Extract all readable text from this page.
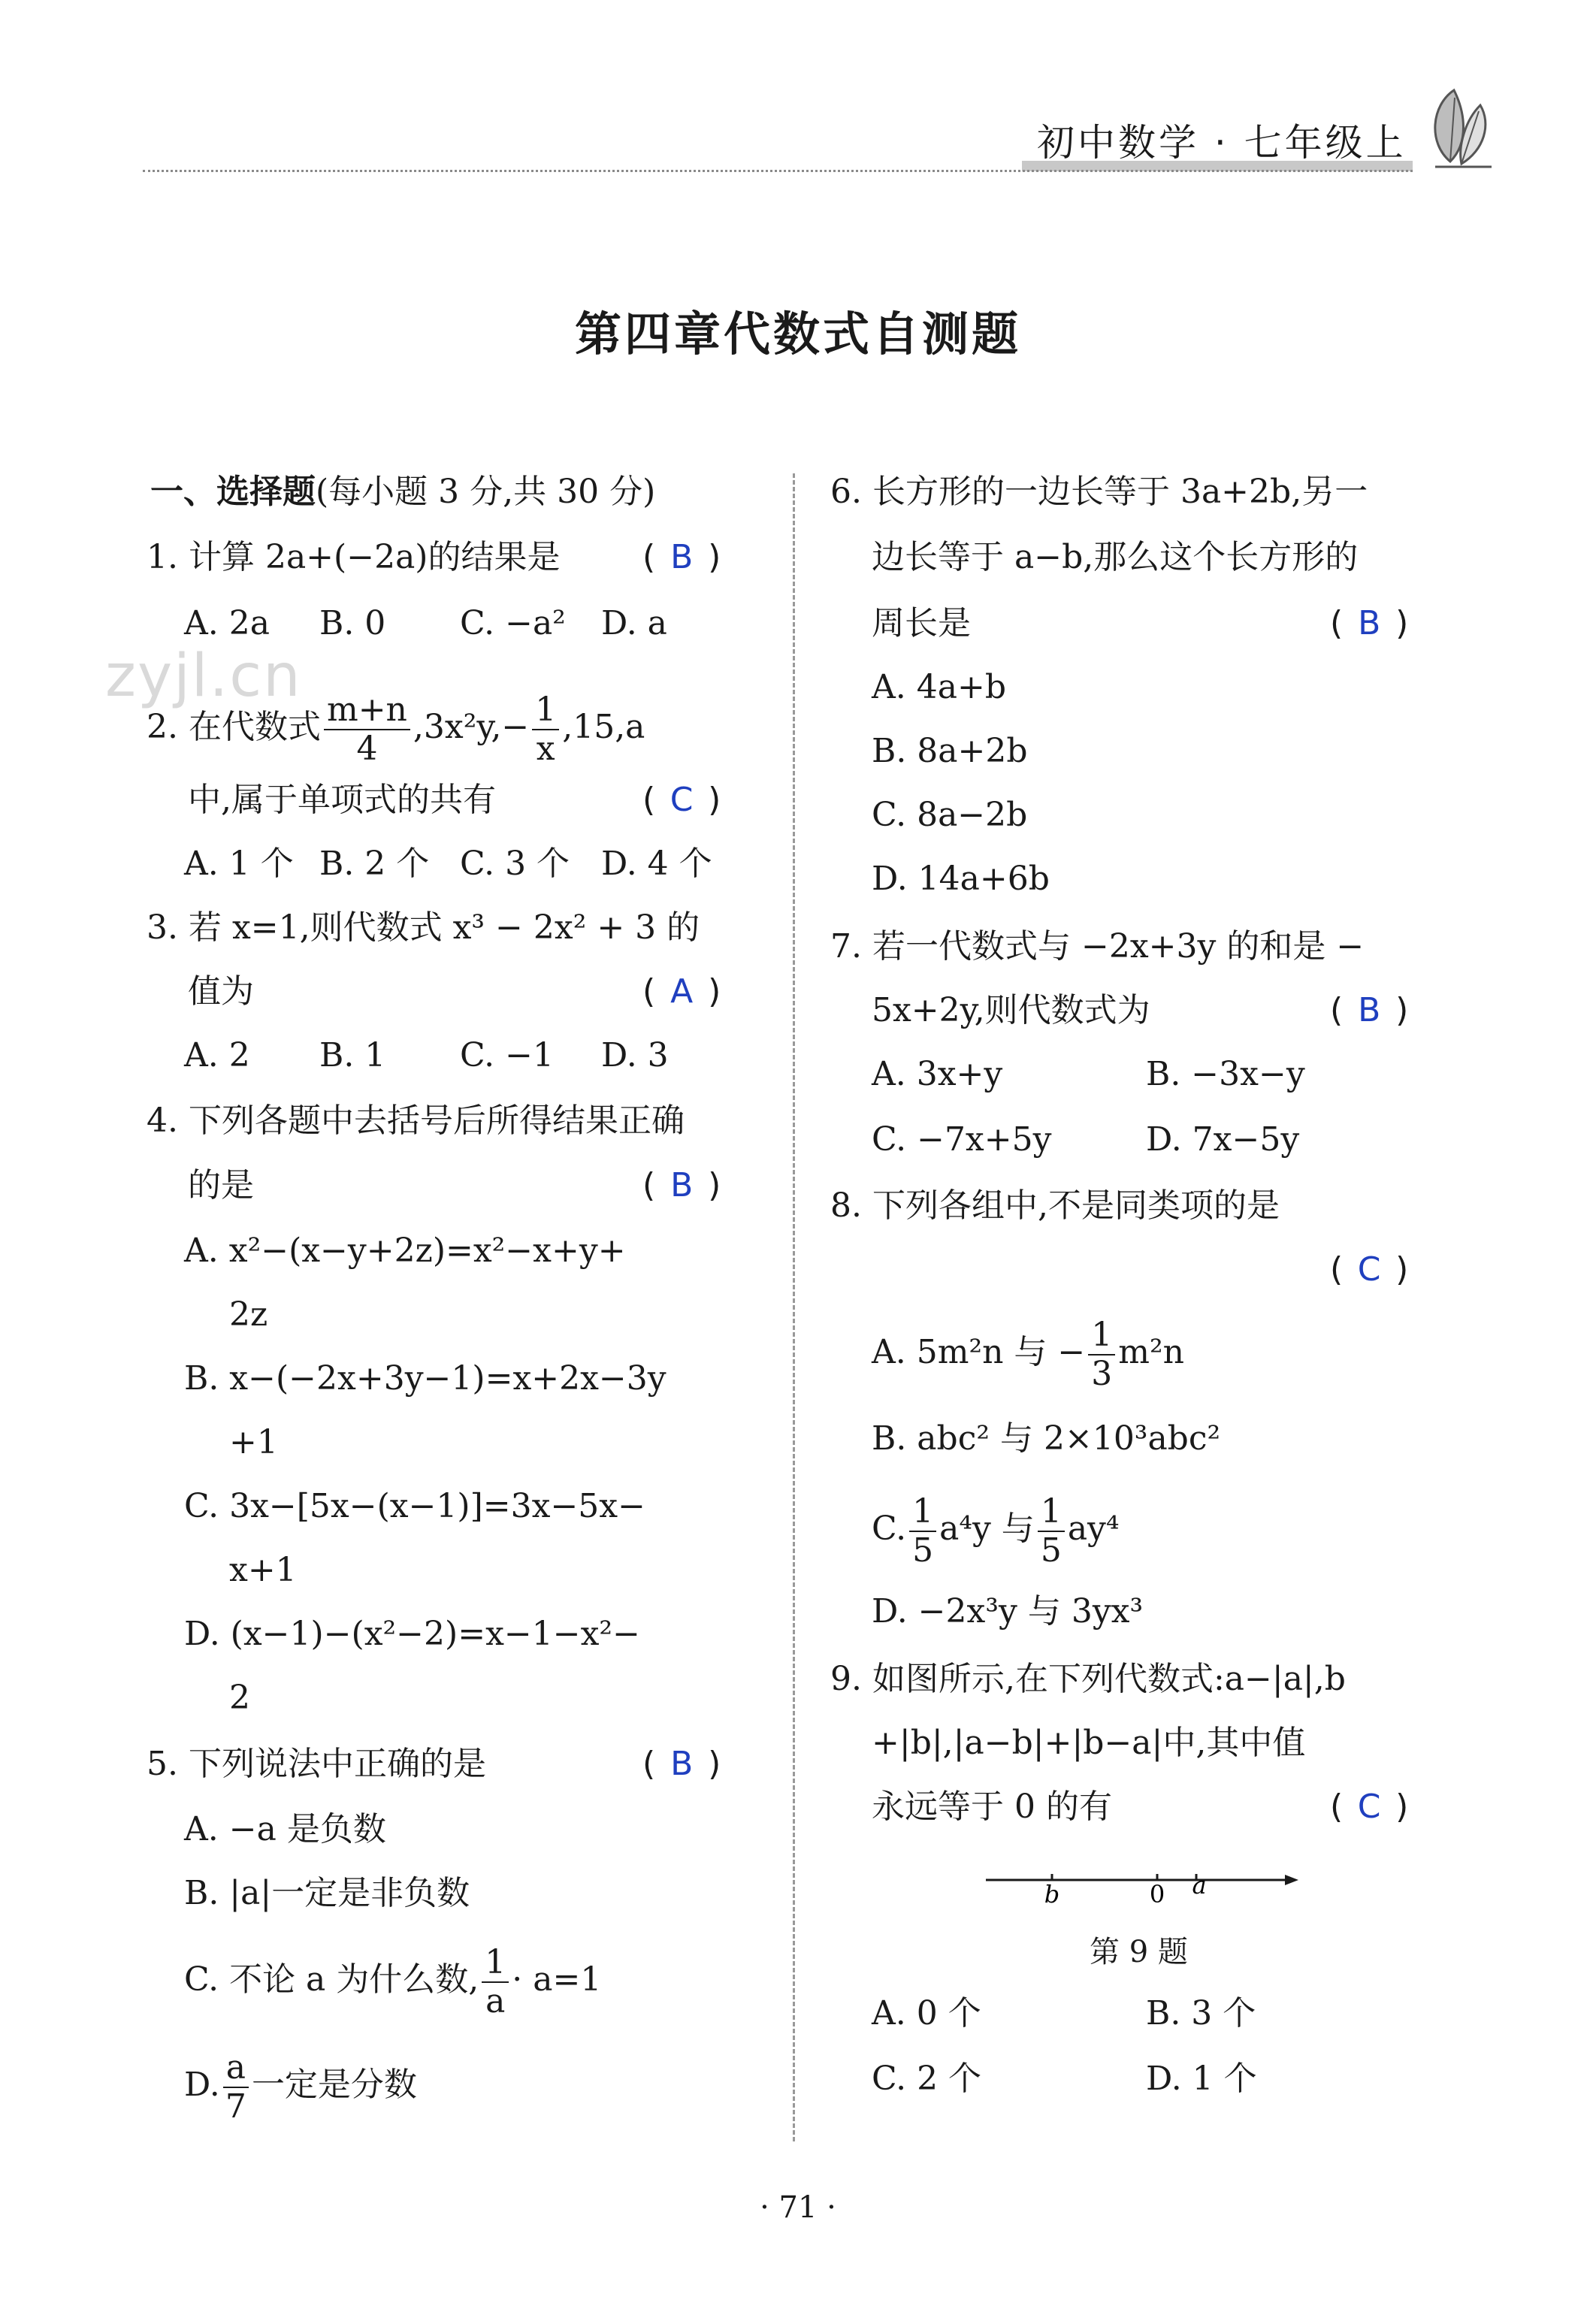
初中数学 · 七年级上
zyjl.cn
第四章代数式自测题
一、选择题(每小题 3 分,共 30 分)
1. 计算 2a+(−2a)的结果是 ( B )
A. 2a B. 0 C. −a² D. a
2. 在代数式 $\frac{m+n}{4} ,3x^2y,- \frac{1}{x} ,15,a$
中,属于单项式的共有	( C )
A. 1 个 B. 2 个 C. 3 个 D. 4 个
3. 若 x=1,则代数式 x³ − 2x² + 3 的
值为	( A )
A. 2 B. 1 C. −1 D. 3
4. 下列各题中去括号后所得结果正确
的是	( B )
A. x²−(x−y+2z)=x²−x+y+
2z
B. x−(−2x+3y−1)=x+2x−3y
+1
C. 3x−[5x−(x−1)]=3x−5x−
x+1
D. (x−1)−(x²−2)=x−1−x²−
2
5. 下列说法中正确的是	( B )
A. −a 是负数
B. |a|一定是非负数
C. 不论 a 为什么数, $\frac{1}{a} \cdot a=1$
D. $\frac{a}{7}$ 一定是分数
6. 长方形的一边长等于 3a+2b,另一
边长等于 a−b,那么这个长方形的
周长是	( B )
A. 4a+b
B. 8a+2b
C. 8a−2b
D. 14a+6b
7. 若一代数式与 −2x+3y 的和是 −
5x+2y,则代数式为	( B )
A. 3x+y	B. −3x−y
C. −7x+5y	D. 7x−5y
8. 下列各组中,不是同类项的是
( C )
A. 5m²n 与 − $\frac{1}{3} m^2n$
B. abc² 与 2×10³abc²
C. $\frac{1}{5} a^4y$ 与 $\frac{1}{5} ay^4$
D. −2x³y 与 3yx³
9. 如图所示,在下列代数式:a−|a|,b
+|b|,|a−b|+|b−a|中,其中值
永远等于 0 的有	( C )
b	0 a
第 9 题
A. 0 个	B. 3 个
C. 2 个	D. 1 个
· 71 ·
